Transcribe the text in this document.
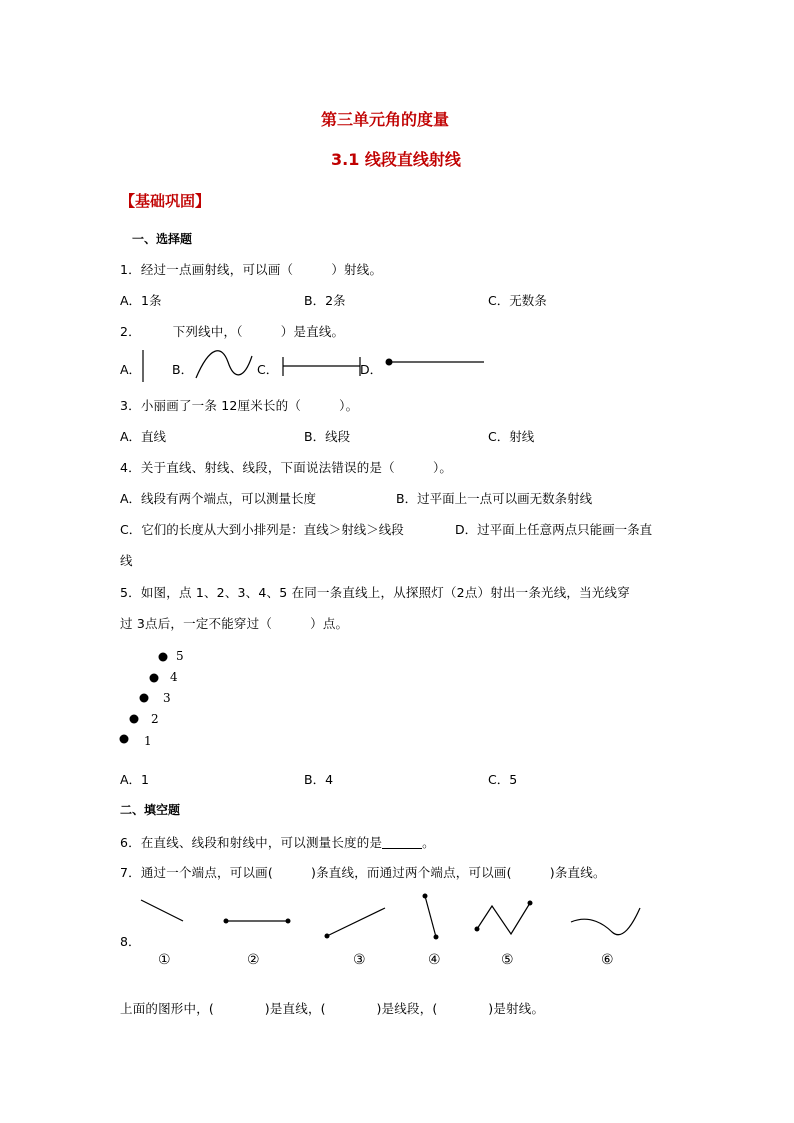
第三单元角的度量
3.1 线段直线射线
【基础巩固】
一、选择题
1．经过一点画射线，可以画（　　　）射线。
A．1条	B．2条	C．无数条
2．　　　下列线中，（　　　）是直线。
A． B．	C．	D．
3．小丽画了一条 12厘米长的（　　　）。
A．直线	B．线段	C．射线
4．关于直线、射线、线段，下面说法错误的是（　　　）。
A．线段有两个端点，可以测量长度	B．过平面上一点可以画无数条射线
C．它们的长度从大到小排列是：直线＞射线＞线段	D．过平面上任意两点只能画一条直
线
5．如图，点 1、2、3、4、5 在同一条直线上，从探照灯（2点）射出一条光线，当光线穿
过 3点后，一定不能穿过（　　　）点。
5
4
3
2
1
A．1	B．4	C．5
二、填空题
6．在直线、线段和射线中，可以测量长度的是	。
7．通过一个端点，可以画(　　　)条直线，而通过两个端点，可以画(　　　)条直线。
8．
①	②	③	④	⑤	⑥
上面的图形中，(　　　　)是直线，(　　　　)是线段，(　　　　)是射线。
